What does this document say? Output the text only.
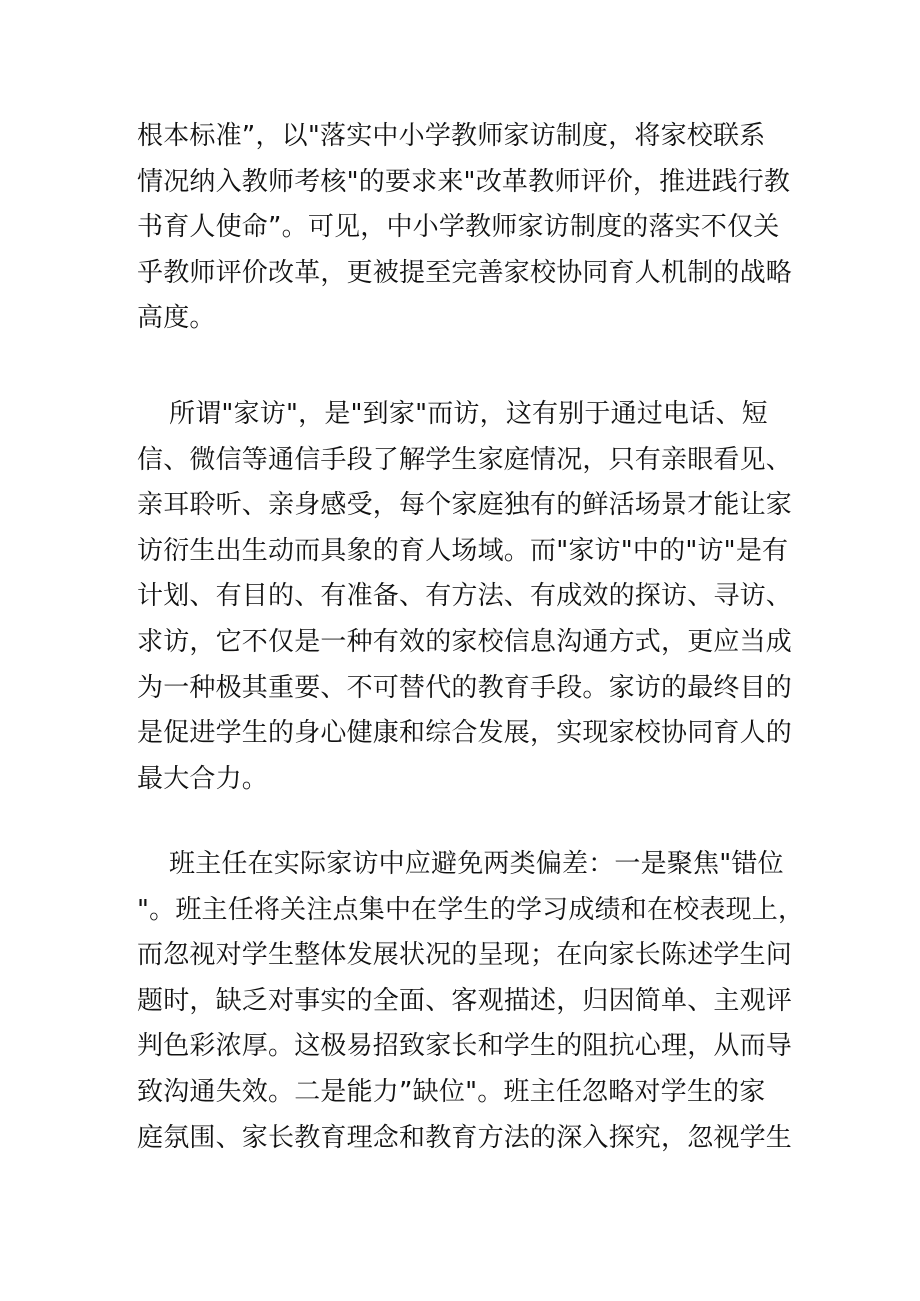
根本标准”，以"落实中小学教师家访制度，将家校联系
情况纳入教师考核"的要求来"改革教师评价，推进践行教
书育人使命”。可见，中小学教师家访制度的落实不仅关
乎教师评价改革，更被提至完善家校协同育人机制的战略
高度。

所谓"家访"，是"到家"而访，这有别于通过电话、短
信、微信等通信手段了解学生家庭情况，只有亲眼看见、
亲耳聆听、亲身感受，每个家庭独有的鲜活场景才能让家
访衍生出生动而具象的育人场域。而"家访"中的"访"是有
计划、有目的、有准备、有方法、有成效的探访、寻访、
求访，它不仅是一种有效的家校信息沟通方式，更应当成
为一种极其重要、不可替代的教育手段。家访的最终目的
是促进学生的身心健康和综合发展，实现家校协同育人的
最大合力。

班主任在实际家访中应避免两类偏差：一是聚焦"错位
"。班主任将关注点集中在学生的学习成绩和在校表现上，
而忽视对学生整体发展状况的呈现；在向家长陈述学生问
题时，缺乏对事实的全面、客观描述，归因简单、主观评
判色彩浓厚。这极易招致家长和学生的阻抗心理，从而导
致沟通失效。二是能力”缺位"。班主任忽略对学生的家
庭氛围、家长教育理念和教育方法的深入探究，忽视学生
